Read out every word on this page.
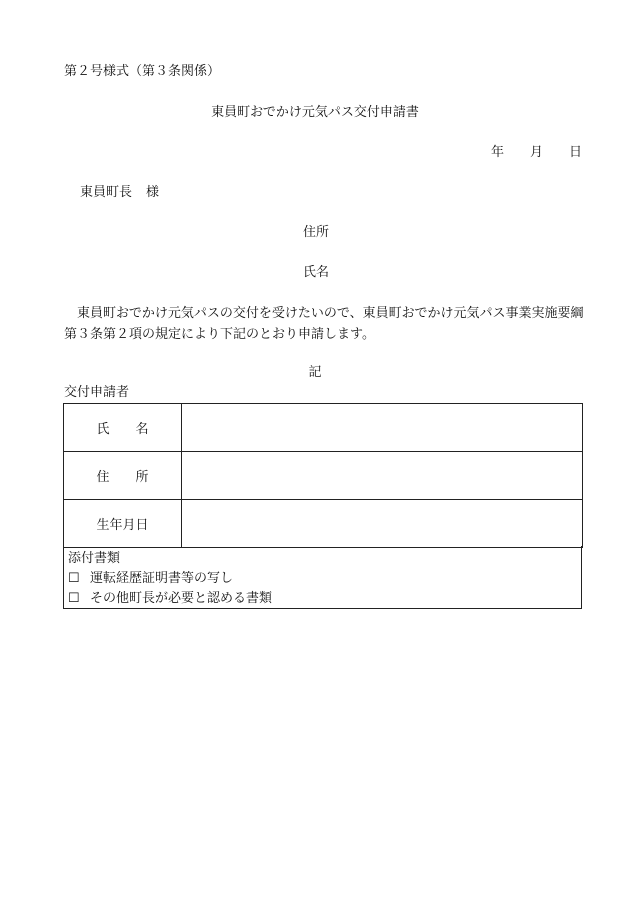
第２号様式（第３条関係）
東員町おでかけ元気パス交付申請書
年 月 日
東員町長 様
住所
氏名
東員町おでかけ元気パスの交付を受けたいので、東員町おでかけ元気パス事業実施要綱第３条第２項の規定により下記のとおり申請します。
記
交付申請者
氏　　名	
住　　所	
生年月日	
添付書類
☐ 運転経歴証明書等の写し
☐ その他町長が必要と認める書類
